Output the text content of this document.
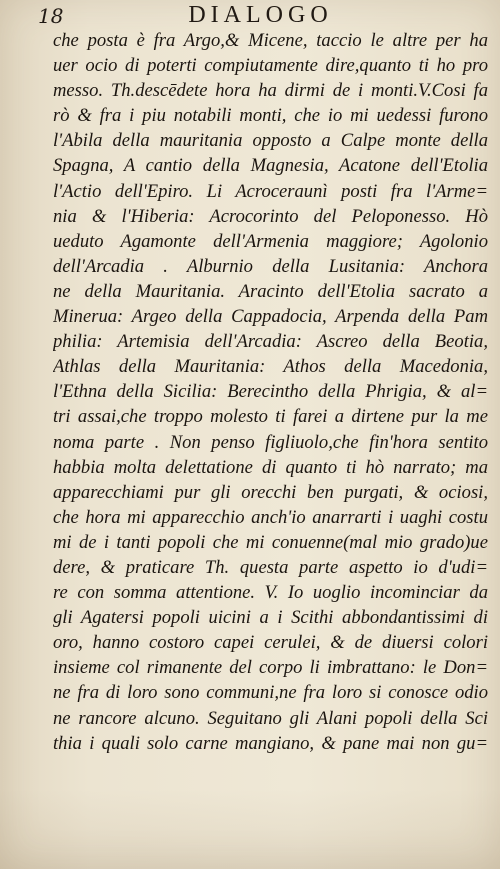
18	DIALOGO
che posta è fra Argo,& Micene, taccio le altre per ha
uer ocio di poterti compiutamente dire,quanto ti ho pro
messo. Th.descēdete hora ha dirmi de i monti.V.Cosi fa
rò & fra i piu notabili monti, che io mi uedessi furono
l'Abila della mauritania opposto a Calpe monte della
Spagna, A cantio della Magnesia, Acatone dell'Etolia
l'Actio dell'Epiro. Li Acroceraunì posti fra l'Arme=
nia & l'Hiberia: Acrocorinto del Peloponesso. Hò
ueduto Agamonte dell'Armenia maggiore; Agolonio
dell'Arcadia . Alburnio della Lusitania: Anchora
ne della Mauritania. Aracinto dell'Etolia sacrato a
Minerua: Argeo della Cappadocia, Arpenda della Pam
philia: Artemisia dell'Arcadia: Ascreo della Beotia,
Athlas della Mauritania: Athos della Macedonia,
l'Ethna della Sicilia: Berecintho della Phrigia, & al=
tri assai,che troppo molesto ti farei a dirtene pur la me
noma parte . Non penso figliuolo,che fin'hora sentito
habbia molta delettatione di quanto ti hò narrato; ma
apparecchiami pur gli orecchi ben purgati, & ociosi,
che hora mi apparecchio anch'io anarrarti i uaghi costu
mi de i tanti popoli che mi conuenne(mal mio grado)ue
dere, & praticare Th. questa parte aspetto io d'udi=
re con somma attentione. V. Io uoglio incominciar da
gli Agatersi popoli uicini a i Scithi abbondantissimi di
oro, hanno costoro capei cerulei, & de diuersi colori
insieme col rimanente del corpo li imbrattano: le Don=
ne fra di loro sono communi,ne fra loro si conosce odio
ne rancore alcuno. Seguitano gli Alani popoli della Sci
thia i quali solo carne mangiano, & pane mai non gu=
